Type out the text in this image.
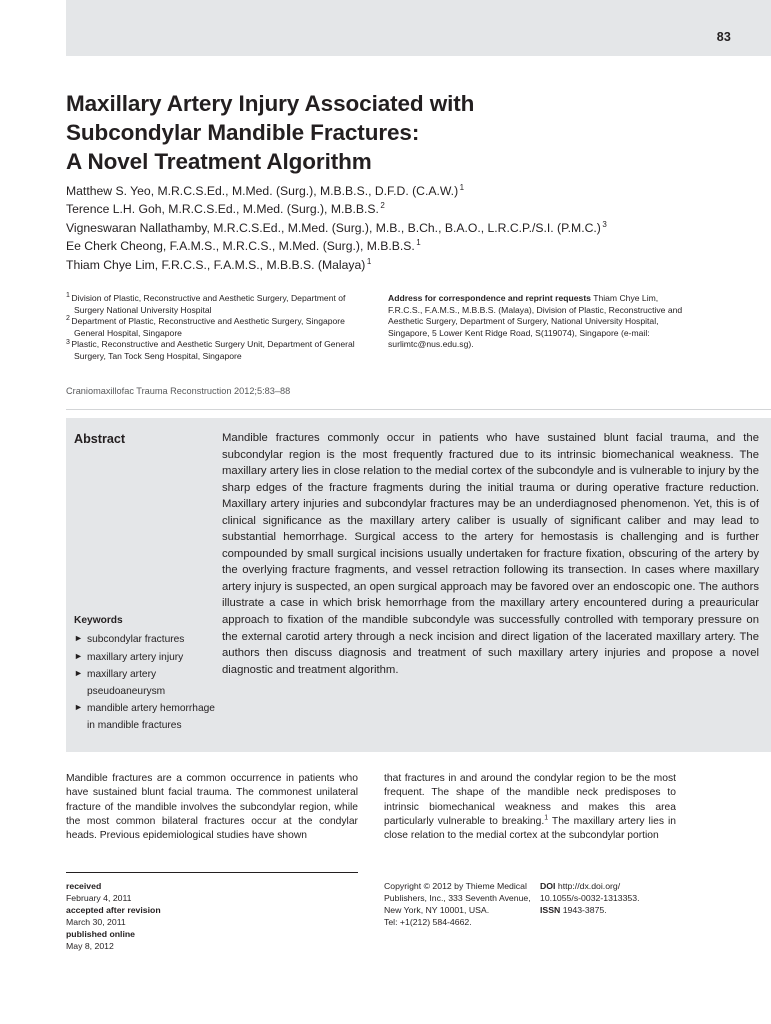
83
Maxillary Artery Injury Associated with
Subcondylar Mandible Fractures:
A Novel Treatment Algorithm
Matthew S. Yeo, M.R.C.S.Ed., M.Med. (Surg.), M.B.B.S., D.F.D. (C.A.W.) $^1$
Terence L.H. Goh, M.R.C.S.Ed., M.Med. (Surg.), M.B.B.S. $^2$
Vigneswaran Nallathamby, M.R.C.S.Ed., M.Med. (Surg.), M.B., B.Ch., B.A.O., L.R.C.P./S.I. (P.M.C.) $^3$
Ee Cherk Cheong, F.A.M.S., M.R.C.S., M.Med. (Surg.), M.B.B.S. $^1$
Thiam Chye Lim, F.R.C.S., F.A.M.S., M.B.B.S. (Malaya) $^1$
$^1$ Division of Plastic, Reconstructive and Aesthetic Surgery, Department of Surgery National University Hospital
$^2$ Department of Plastic, Reconstructive and Aesthetic Surgery, Singapore General Hospital, Singapore
$^3$ Plastic, Reconstructive and Aesthetic Surgery Unit, Department of General Surgery, Tan Tock Seng Hospital, Singapore
Address for correspondence and reprint requests Thiam Chye Lim, F.R.C.S., F.A.M.S., M.B.B.S. (Malaya), Division of Plastic, Reconstructive and Aesthetic Surgery, Department of Surgery, National University Hospital, Singapore, 5 Lower Kent Ridge Road, S(119074), Singapore (e-mail: surlimtc@nus.edu.sg).
Craniomaxillofac Trauma Reconstruction 2012;5:83–88
Abstract
Keywords
► subcondylar fractures
► maxillary artery injury
► maxillary artery pseudoaneurysm
► mandible artery hemorrhage in mandible fractures
Mandible fractures commonly occur in patients who have sustained blunt facial trauma, and the subcondylar region is the most frequently fractured due to its intrinsic biomechanical weakness. The maxillary artery lies in close relation to the medial cortex of the subcondyle and is vulnerable to injury by the sharp edges of the fracture fragments during the initial trauma or during operative fracture reduction. Maxillary artery injuries and subcondylar fractures may be an underdiagnosed phenomenon. Yet, this is of clinical significance as the maxillary artery caliber is usually of significant caliber and may lead to substantial hemorrhage. Surgical access to the artery for hemostasis is challenging and is further compounded by small surgical incisions usually undertaken for fracture fixation, obscuring of the artery by the overlying fracture fragments, and vessel retraction following its transection. In cases where maxillary artery injury is suspected, an open surgical approach may be favored over an endoscopic one. The authors illustrate a case in which brisk hemorrhage from the maxillary artery encountered during a preauricular approach to fixation of the mandible subcondyle was successfully controlled with temporary pressure on the external carotid artery through a neck incision and direct ligation of the lacerated maxillary artery. The authors then discuss diagnosis and treatment of such maxillary artery injuries and propose a novel diagnostic and treatment algorithm.
Mandible fractures are a common occurrence in patients who have sustained blunt facial trauma. The commonest unilateral fracture of the mandible involves the subcondylar region, while the most common bilateral fractures occur at the condylar heads. Previous epidemiological studies have shown
that fractures in and around the condylar region to be the most frequent. The shape of the mandible neck predisposes to intrinsic biomechanical weakness and makes this area particularly vulnerable to breaking.$^1$ The maxillary artery lies in close relation to the medial cortex at the subcondylar portion
received
February 4, 2011
accepted after revision
March 30, 2011
published online
May 8, 2012
Copyright © 2012 by Thieme Medical
Publishers, Inc., 333 Seventh Avenue,
New York, NY 10001, USA.
Tel: +1(212) 584-4662.
DOI http://dx.doi.org/
10.1055/s-0032-1313353.
ISSN 1943-3875.
